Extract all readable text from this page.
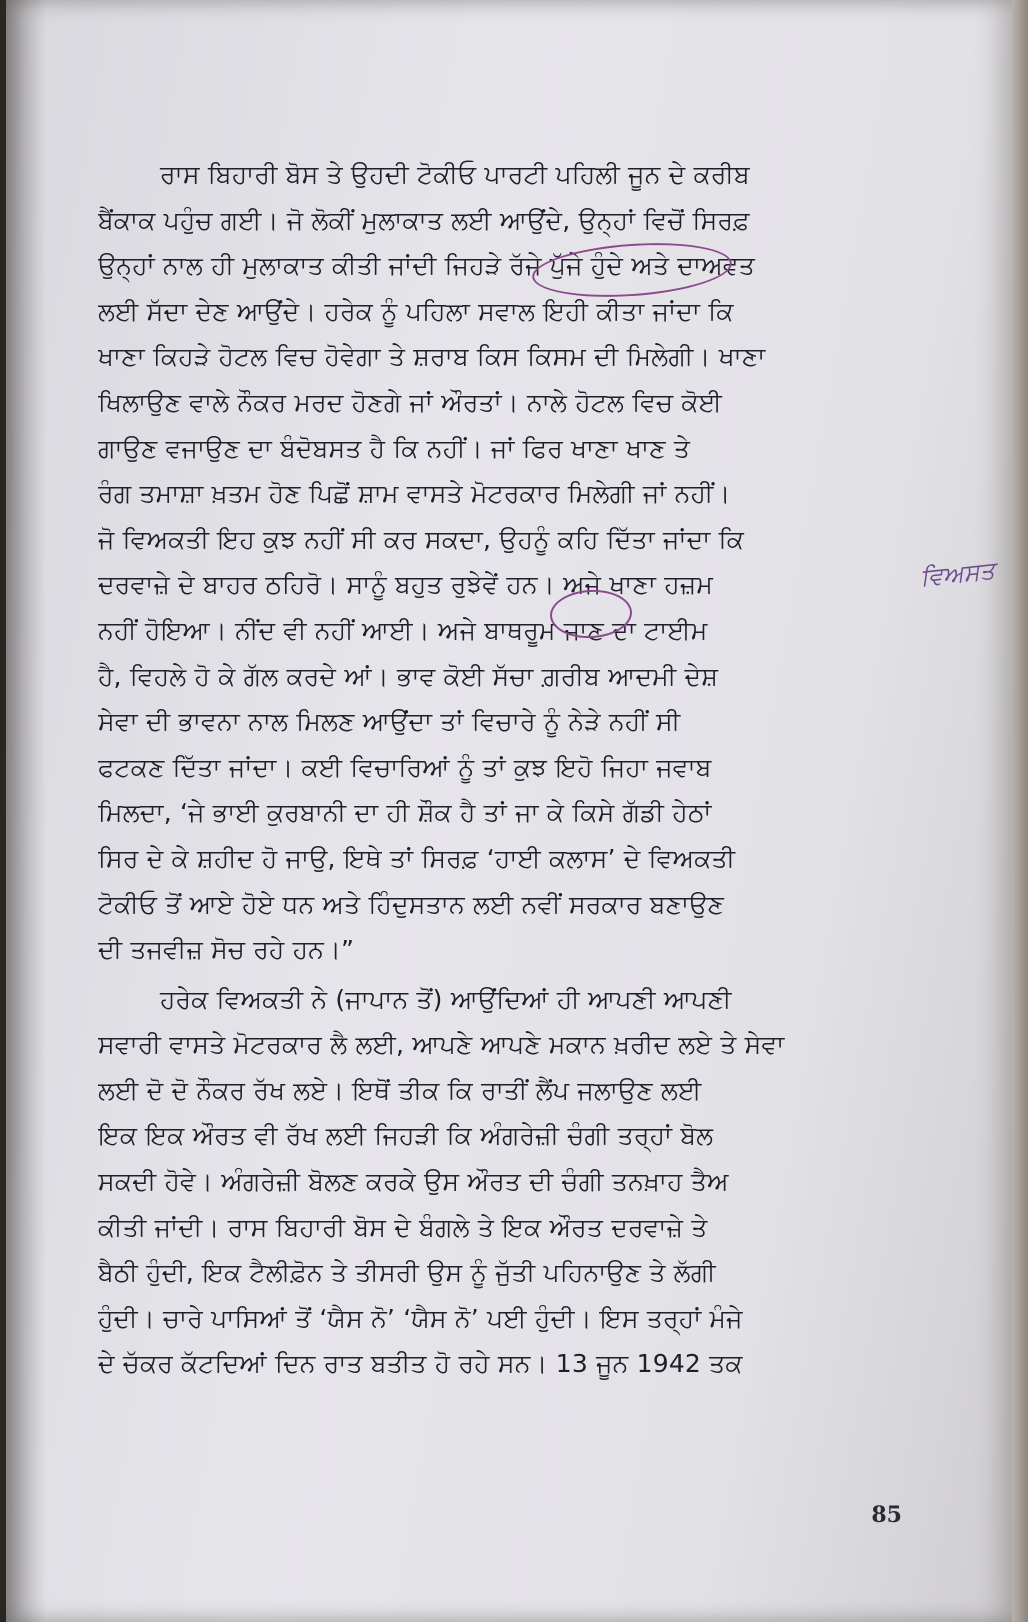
ਰਾਸ ਬਿਹਾਰੀ ਬੋਸ ਤੇ ਉਹਦੀ ਟੋਕੀਓ ਪਾਰਟੀ ਪਹਿਲੀ ਜੂਨ ਦੇ ਕਰੀਬ
ਬੈਂਕਾਕ ਪਹੁੰਚ ਗਈ। ਜੋ ਲੋਕੀਂ ਮੁਲਾਕਾਤ ਲਈ ਆਉਂਦੇ, ਉਨ੍ਹਾਂ ਵਿਚੋਂ ਸਿਰਫ਼
ਉਨ੍ਹਾਂ ਨਾਲ ਹੀ ਮੁਲਾਕਾਤ ਕੀਤੀ ਜਾਂਦੀ ਜਿਹੜੇ ਰੱਜੇ ਪੁੱਜੇ ਹੁੰਦੇ ਅਤੇ ਦਾਅਵਤ
ਲਈ ਸੱਦਾ ਦੇਣ ਆਉਂਦੇ। ਹਰੇਕ ਨੂੰ ਪਹਿਲਾ ਸਵਾਲ ਇਹੀ ਕੀਤਾ ਜਾਂਦਾ ਕਿ
ਖਾਣਾ ਕਿਹੜੇ ਹੋਟਲ ਵਿਚ ਹੋਵੇਗਾ ਤੇ ਸ਼ਰਾਬ ਕਿਸ ਕਿਸਮ ਦੀ ਮਿਲੇਗੀ। ਖਾਣਾ
ਖਿਲਾਉਣ ਵਾਲੇ ਨੌਕਰ ਮਰਦ ਹੋਣਗੇ ਜਾਂ ਔਰਤਾਂ। ਨਾਲੇ ਹੋਟਲ ਵਿਚ ਕੋਈ
ਗਾਉਣ ਵਜਾਉਣ ਦਾ ਬੰਦੋਬਸਤ ਹੈ ਕਿ ਨਹੀਂ। ਜਾਂ ਫਿਰ ਖਾਣਾ ਖਾਣ ਤੇ
ਰੰਗ ਤਮਾਸ਼ਾ ਖ਼ਤਮ ਹੋਣ ਪਿਛੋਂ ਸ਼ਾਮ ਵਾਸਤੇ ਮੋਟਰਕਾਰ ਮਿਲੇਗੀ ਜਾਂ ਨਹੀਂ।
ਜੋ ਵਿਅਕਤੀ ਇਹ ਕੁਝ ਨਹੀਂ ਸੀ ਕਰ ਸਕਦਾ, ਉਹਨੂੰ ਕਹਿ ਦਿੱਤਾ ਜਾਂਦਾ ਕਿ
ਦਰਵਾਜ਼ੇ ਦੇ ਬਾਹਰ ਠਹਿਰੋ। ਸਾਨੂੰ ਬਹੁਤ ਰੁਝੇਵੇਂ ਹਨ। ਅਜੇ ਖਾਣਾ ਹਜ਼ਮ
ਨਹੀਂ ਹੋਇਆ। ਨੀਂਦ ਵੀ ਨਹੀਂ ਆਈ। ਅਜੇ ਬਾਥਰੂਮ ਜਾਣ ਦਾ ਟਾਈਮ
ਹੈ, ਵਿਹਲੇ ਹੋ ਕੇ ਗੱਲ ਕਰਦੇ ਆਂ। ਭਾਵ ਕੋਈ ਸੱਚਾ ਗ਼ਰੀਬ ਆਦਮੀ ਦੇਸ਼
ਸੇਵਾ ਦੀ ਭਾਵਨਾ ਨਾਲ ਮਿਲਣ ਆਉਂਦਾ ਤਾਂ ਵਿਚਾਰੇ ਨੂੰ ਨੇੜੇ ਨਹੀਂ ਸੀ
ਫਟਕਣ ਦਿੱਤਾ ਜਾਂਦਾ। ਕਈ ਵਿਚਾਰਿਆਂ ਨੂੰ ਤਾਂ ਕੁਝ ਇਹੋ ਜਿਹਾ ਜਵਾਬ
ਮਿਲਦਾ, ‘ਜੇ ਭਾਈ ਕੁਰਬਾਨੀ ਦਾ ਹੀ ਸ਼ੌਕ ਹੈ ਤਾਂ ਜਾ ਕੇ ਕਿਸੇ ਗੱਡੀ ਹੇਠਾਂ
ਸਿਰ ਦੇ ਕੇ ਸ਼ਹੀਦ ਹੋ ਜਾਉ, ਇਥੇ ਤਾਂ ਸਿਰਫ਼ ‘ਹਾਈ ਕਲਾਸ’ ਦੇ ਵਿਅਕਤੀ
ਟੋਕੀਓ ਤੋਂ ਆਏ ਹੋਏ ਧਨ ਅਤੇ ਹਿੰਦੁਸਤਾਨ ਲਈ ਨਵੀਂ ਸਰਕਾਰ ਬਣਾਉਣ
ਦੀ ਤਜਵੀਜ਼ ਸੋਚ ਰਹੇ ਹਨ।”
ਹਰੇਕ ਵਿਅਕਤੀ ਨੇ (ਜਾਪਾਨ ਤੋਂ) ਆਉਂਦਿਆਂ ਹੀ ਆਪਣੀ ਆਪਣੀ
ਸਵਾਰੀ ਵਾਸਤੇ ਮੋਟਰਕਾਰ ਲੈ ਲਈ, ਆਪਣੇ ਆਪਣੇ ਮਕਾਨ ਖ਼ਰੀਦ ਲਏ ਤੇ ਸੇਵਾ
ਲਈ ਦੋ ਦੋ ਨੌਕਰ ਰੱਖ ਲਏ। ਇਥੋਂ ਤੀਕ ਕਿ ਰਾਤੀਂ ਲੈਂਪ ਜਲਾਉਣ ਲਈ
ਇਕ ਇਕ ਔਰਤ ਵੀ ਰੱਖ ਲਈ ਜਿਹੜੀ ਕਿ ਅੰਗਰੇਜ਼ੀ ਚੰਗੀ ਤਰ੍ਹਾਂ ਬੋਲ
ਸਕਦੀ ਹੋਵੇ। ਅੰਗਰੇਜ਼ੀ ਬੋਲਣ ਕਰਕੇ ਉਸ ਔਰਤ ਦੀ ਚੰਗੀ ਤਨਖ਼ਾਹ ਤੈਅ
ਕੀਤੀ ਜਾਂਦੀ। ਰਾਸ ਬਿਹਾਰੀ ਬੋਸ ਦੇ ਬੰਗਲੇ ਤੇ ਇਕ ਔਰਤ ਦਰਵਾਜ਼ੇ ਤੇ
ਬੈਠੀ ਹੁੰਦੀ, ਇਕ ਟੈਲੀਫ਼ੋਨ ਤੇ ਤੀਸਰੀ ਉਸ ਨੂੰ ਜੁੱਤੀ ਪਹਿਨਾਉਣ ਤੇ ਲੱਗੀ
ਹੁੰਦੀ। ਚਾਰੇ ਪਾਸਿਆਂ ਤੋਂ ‘ਯੈਸ ਨੋ’ ‘ਯੈਸ ਨੋ’ ਪਈ ਹੁੰਦੀ। ਇਸ ਤਰ੍ਹਾਂ ਮੰਜੇ
ਦੇ ਚੱਕਰ ਕੱਟਦਿਆਂ ਦਿਨ ਰਾਤ ਬਤੀਤ ਹੋ ਰਹੇ ਸਨ। 13 ਜੂਨ 1942 ਤਕ
ਵਿਅਸਤ
85
